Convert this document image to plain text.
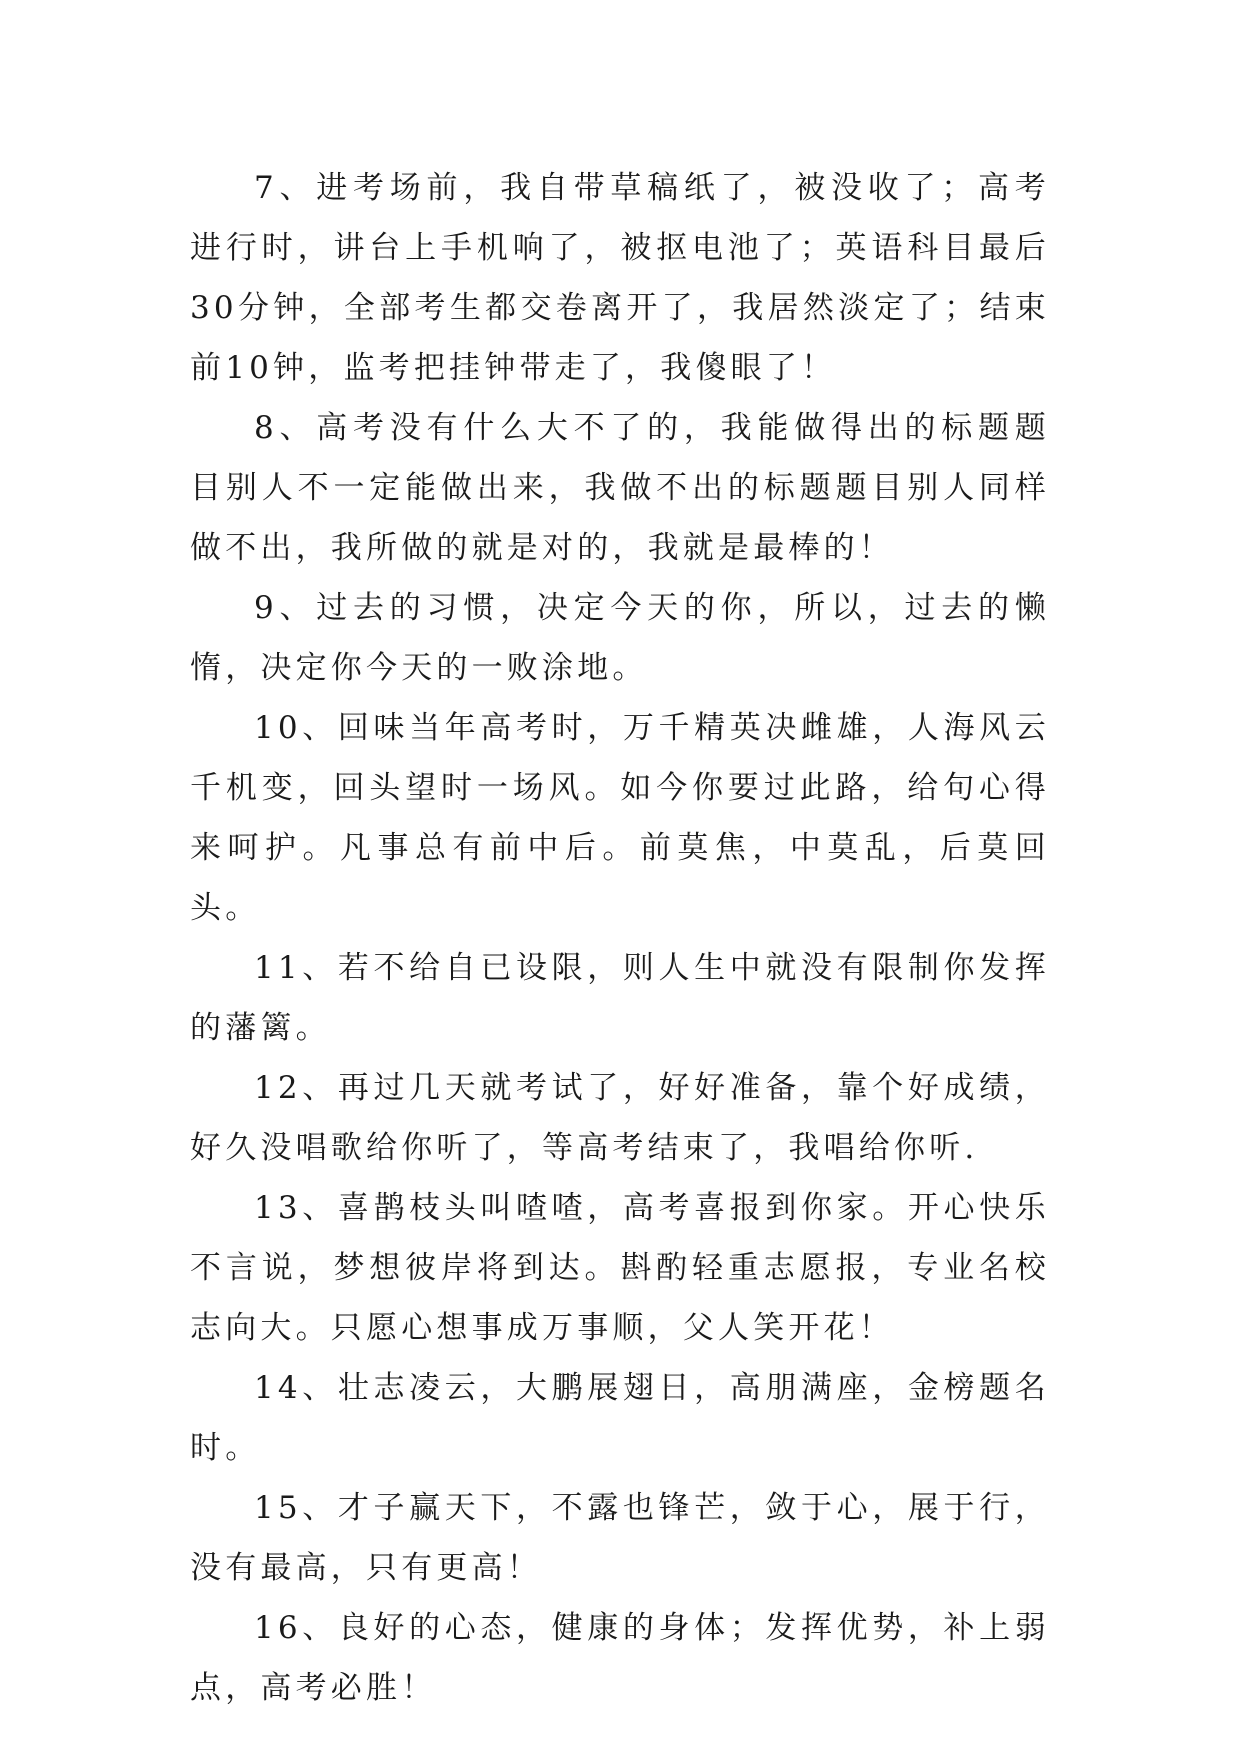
7、进考场前，我自带草稿纸了，被没收了；高考进行时，讲台上手机响了，被抠电池了；英语科目最后30分钟，全部考生都交卷离开了，我居然淡定了；结束前10钟，监考把挂钟带走了，我傻眼了！

8、高考没有什么大不了的，我能做得出的标题题目别人不一定能做出来，我做不出的标题题目别人同样做不出，我所做的就是对的，我就是最棒的！

9、过去的习惯，决定今天的你，所以，过去的懒惰，决定你今天的一败涂地。

10、回味当年高考时，万千精英决雌雄，人海风云千机变，回头望时一场风。如今你要过此路，给句心得来呵护。凡事总有前中后。前莫焦，中莫乱，后莫回头。

11、若不给自已设限，则人生中就没有限制你发挥的藩篱。

12、再过几天就考试了，好好准备，靠个好成绩，好久没唱歌给你听了，等高考结束了，我唱给你听.

13、喜鹊枝头叫喳喳，高考喜报到你家。开心快乐不言说，梦想彼岸将到达。斟酌轻重志愿报，专业名校志向大。只愿心想事成万事顺，父人笑开花！

14、壮志凌云，大鹏展翅日，高朋满座，金榜题名时。

15、才子赢天下，不露也锋芒，敛于心，展于行，没有最高，只有更高！

16、良好的心态，健康的身体；发挥优势，补上弱点，高考必胜！
